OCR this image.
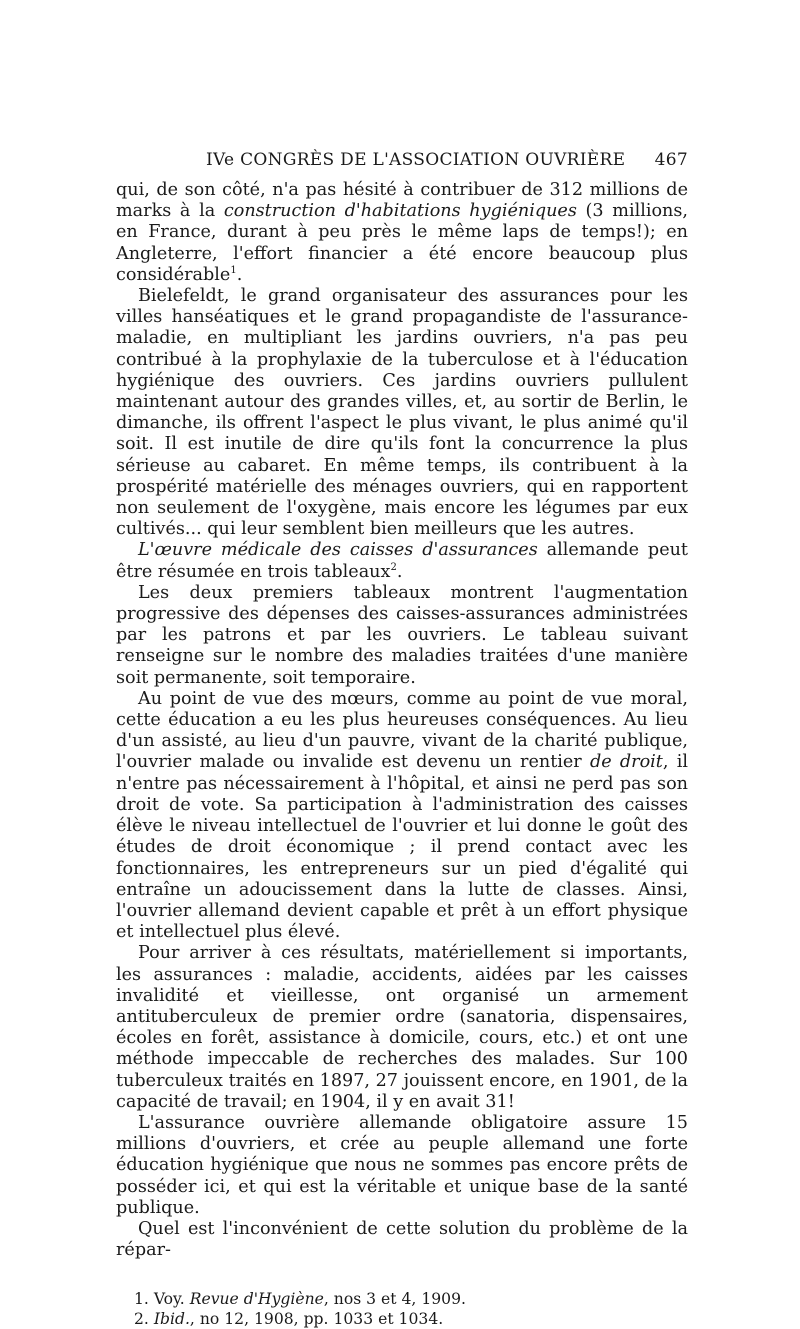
IVe CONGRÈS DE L'ASSOCIATION OUVRIÈRE 467

qui, de son côté, n'a pas hésité à contribuer de 312 millions de marks à la construction d'habitations hygiéniques (3 millions, en France, durant à peu près le même laps de temps!); en Angleterre, l'effort financier a été encore beaucoup plus considérable$^1$.

Bielefeldt, le grand organisateur des assurances pour les villes hanséatiques et le grand propagandiste de l'assurance-maladie, en multipliant les jardins ouvriers, n'a pas peu contribué à la prophylaxie de la tuberculose et à l'éducation hygiénique des ouvriers. Ces jardins ouvriers pullulent maintenant autour des grandes villes, et, au sortir de Berlin, le dimanche, ils offrent l'aspect le plus vivant, le plus animé qu'il soit. Il est inutile de dire qu'ils font la concurrence la plus sérieuse au cabaret. En même temps, ils contribuent à la prospérité matérielle des ménages ouvriers, qui en rapportent non seulement de l'oxygène, mais encore les légumes par eux cultivés... qui leur semblent bien meilleurs que les autres.

L'œuvre médicale des caisses d'assurances allemande peut être résumée en trois tableaux$^2$.

Les deux premiers tableaux montrent l'augmentation progressive des dépenses des caisses-assurances administrées par les patrons et par les ouvriers. Le tableau suivant renseigne sur le nombre des maladies traitées d'une manière soit permanente, soit temporaire.

Au point de vue des mœurs, comme au point de vue moral, cette éducation a eu les plus heureuses conséquences. Au lieu d'un assisté, au lieu d'un pauvre, vivant de la charité publique, l'ouvrier malade ou invalide est devenu un rentier de droit, il n'entre pas nécessairement à l'hôpital, et ainsi ne perd pas son droit de vote. Sa participation à l'administration des caisses élève le niveau intellectuel de l'ouvrier et lui donne le goût des études de droit économique ; il prend contact avec les fonctionnaires, les entrepreneurs sur un pied d'égalité qui entraîne un adoucissement dans la lutte de classes. Ainsi, l'ouvrier allemand devient capable et prêt à un effort physique et intellectuel plus élevé.

Pour arriver à ces résultats, matériellement si importants, les assurances : maladie, accidents, aidées par les caisses invalidité et vieillesse, ont organisé un armement antituberculeux de premier ordre (sanatoria, dispensaires, écoles en forêt, assistance à domicile, cours, etc.) et ont une méthode impeccable de recherches des malades. Sur 100 tuberculeux traités en 1897, 27 jouissent encore, en 1901, de la capacité de travail; en 1904, il y en avait 31!

L'assurance ouvrière allemande obligatoire assure 15 millions d'ouvriers, et crée au peuple allemand une forte éducation hygiénique que nous ne sommes pas encore prêts de posséder ici, et qui est la véritable et unique base de la santé publique.

Quel est l'inconvénient de cette solution du problème de la répar-

1. Voy. Revue d'Hygiène, nos 3 et 4, 1909.
2. Ibid., no 12, 1908, pp. 1033 et 1034.
